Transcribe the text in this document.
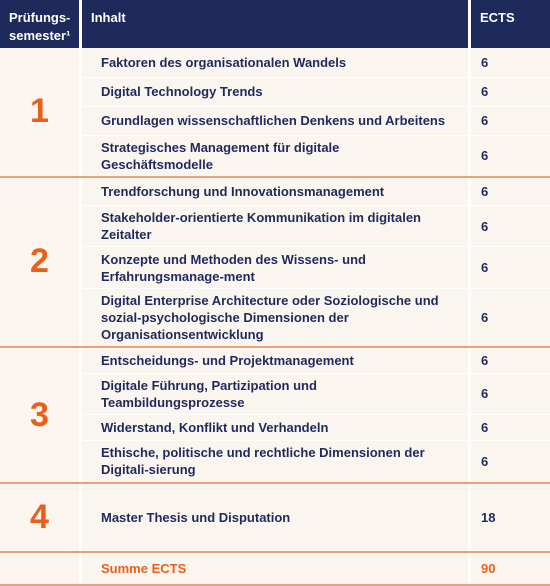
Prüfungs-
semester¹		Inhalt		ECTS
1		Faktoren des organisationalen Wandels		6
		Digital Technology Trends		6
		Grundlagen wissenschaftlichen Denkens und Arbeitens		6
		Strategisches Management für digitale Geschäftsmodelle		6
2		Trendforschung und Innovationsmanagement		6
		Stakeholder-orientierte Kommunikation im digitalen Zeitalter		6
		Konzepte und Methoden des Wissens- und Erfahrungsmanage-ment		6
		Digital Enterprise Architecture oder Soziologische und sozial-psychologische Dimensionen der Organisationsentwicklung		6
3		Entscheidungs- und Projektmanagement		6
		Digitale Führung, Partizipation und Teambildungsprozesse		6
		Widerstand, Konflikt und Verhandeln		6
		Ethische, politische und rechtliche Dimensionen der Digitali-sierung		6
4		Master Thesis und Disputation		18
		Summe ECTS		90
